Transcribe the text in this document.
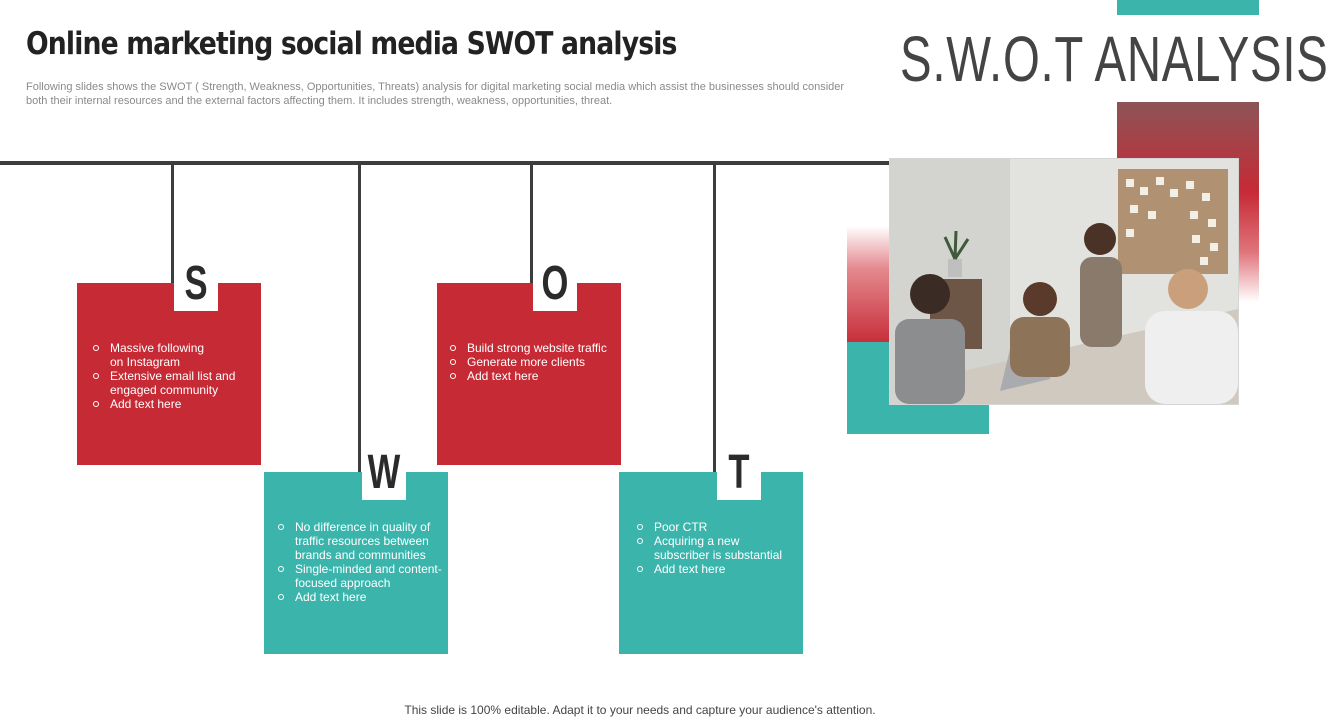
Online marketing social media SWOT analysis
Following slides shows the SWOT ( Strength, Weakness, Opportunities, Threats) analysis for digital marketing social media which assist the businesses should consider both their internal resources and the external factors affecting them. It includes strength, weakness, opportunities, threat.
S.W.O.T ANALYSIS
Massive following on Instagram
Extensive email list and engaged community
Add text here
S
No difference in quality of traffic resources between brands and communities
Single-minded and content-focused approach
Add text here
W
Build strong website traffic
Generate more clients
Add text here
O
Poor CTR
Acquiring a new subscriber is substantial
Add text here
T
This slide is 100% editable. Adapt it to your needs and capture your audience's attention.
